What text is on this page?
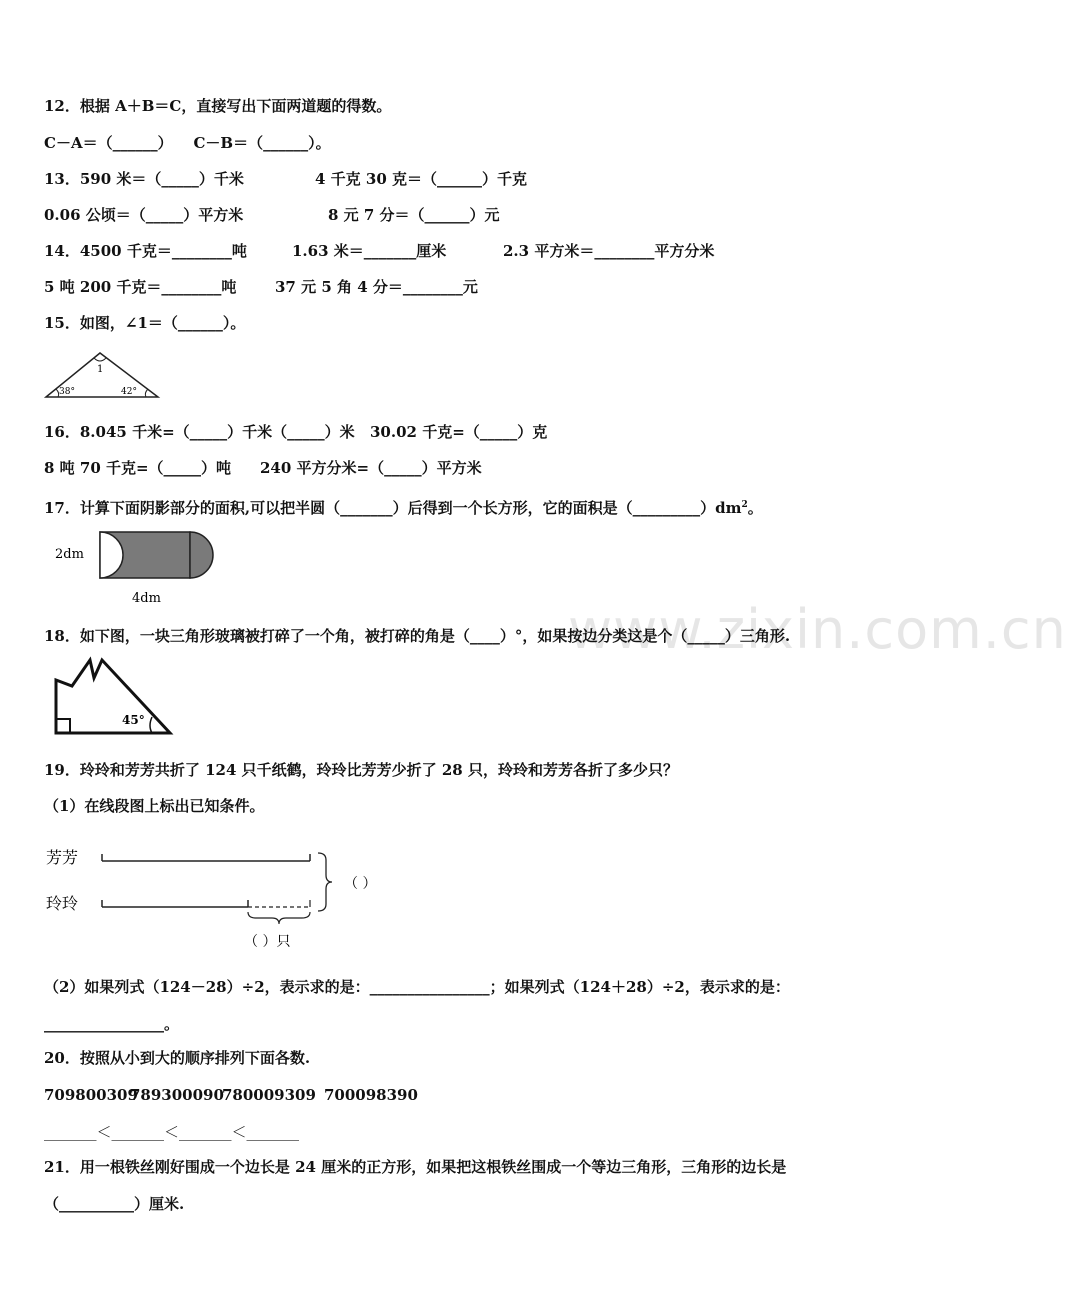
www.zixin.com.cn
12．根据 A＋B＝C，直接写出下面两道题的得数。
C－A＝（______）    C－B＝（______）。
13．590 米＝（_____）千米	4 千克 30 克＝（______）千克
0.06 公顷＝（_____）平方米	8 元 7 分＝（______）元
14．4500 千克＝________吨	1.63 米＝_______厘米	2.3 平方米＝________平方分米
5 吨 200 千克＝________吨	37 元 5 角 4 分＝________元
15．如图，∠1＝（______）。
1
38°	42°
16．8.045 千米=（_____）千米（_____）米 30.02 千克=（_____）克
8 吨 70 千克=（_____）吨 240 平方分米=（_____）平方米
17．计算下面阴影部分的面积,可以把半圆（_______）后得到一个长方形，它的面积是$(\_\_\_\_\_\_\_\_\_)dm^2$。
2dm
4dm
18．如下图，一块三角形玻璃被打碎了一个角，被打碎的角是（____）°，如果按边分类这是个（_____）三角形.
45°
19．玲玲和芳芳共折了 124 只千纸鹤，玲玲比芳芳少折了 28 只，玲玲和芳芳各折了多少只？
（1）在线段图上标出已知条件。
芳芳
玲玲
（ ）
（ ）只
（2）如果列式（124－28）÷2，表示求的是：________________；如果列式（124＋28）÷2，表示求的是：
________________。
20．按照从小到大的顺序排列下面各数.
709800309
789300090
780009309 700098390
_______＜_______＜_______＜_______
21．用一根铁丝刚好围成一个边长是 24 厘米的正方形，如果把这根铁丝围成一个等边三角形，三角形的边长是
（__________）厘米.
